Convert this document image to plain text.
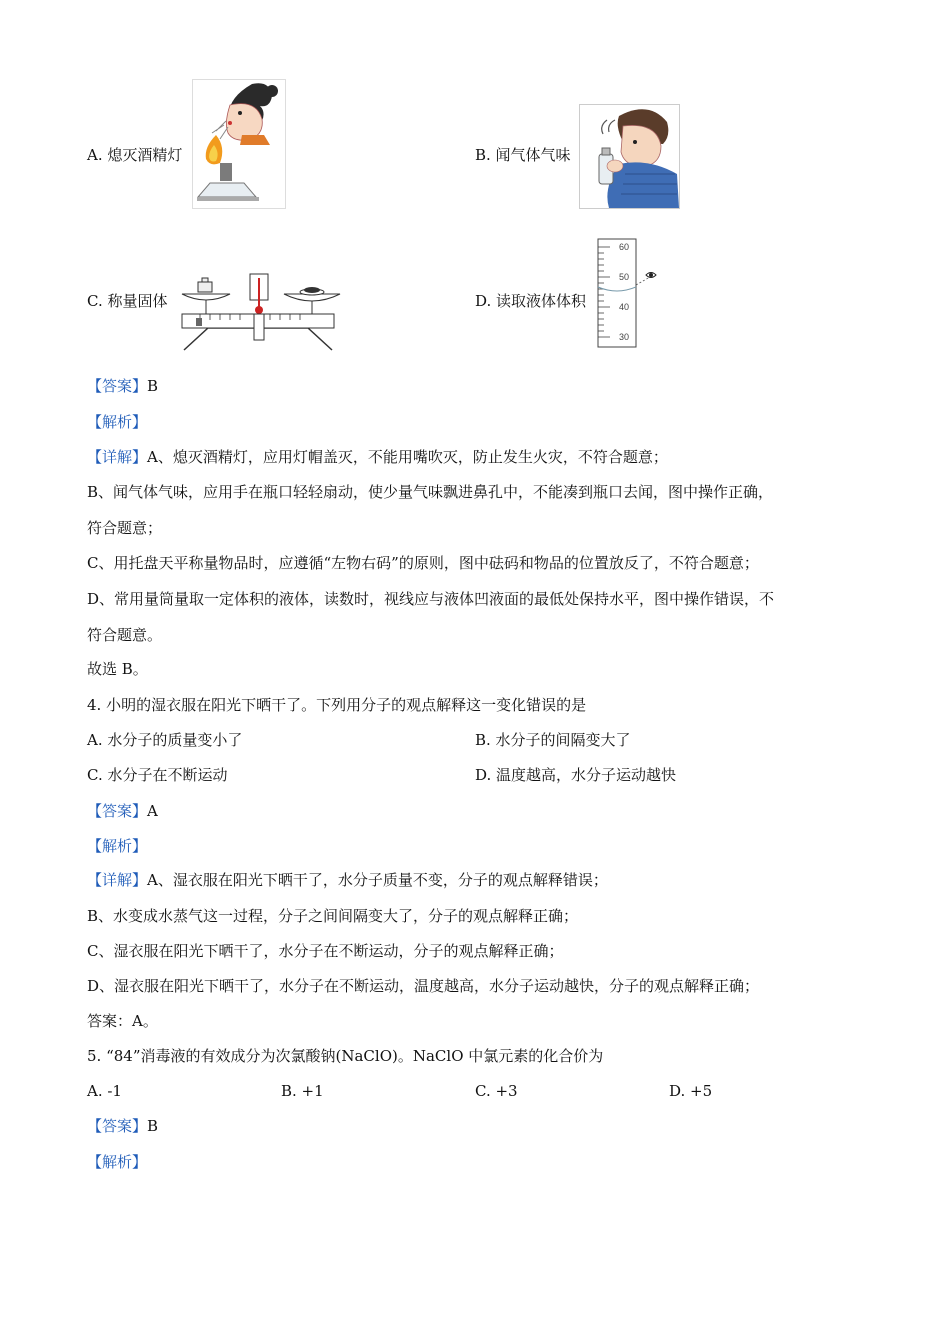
A. 熄灭酒精灯	B. 闻气体气味
C. 称量固体	D. 读取液体体积
60
50
40
30
【答案】B
【解析】
【详解】A、熄灭酒精灯，应用灯帽盖灭，不能用嘴吹灭，防止发生火灾，不符合题意；
B、闻气体气味，应用手在瓶口轻轻扇动，使少量气味飘进鼻孔中，不能凑到瓶口去闻，图中操作正确，
符合题意；
C、用托盘天平称量物品时，应遵循“左物右码”的原则，图中砝码和物品的位置放反了，不符合题意；
D、常用量筒量取一定体积的液体，读数时，视线应与液体凹液面的最低处保持水平，图中操作错误，不
符合题意。
故选 B。
4. 小明的湿衣服在阳光下晒干了。下列用分子的观点解释这一变化错误的是
A. 水分子的质量变小了	B. 水分子的间隔变大了
C. 水分子在不断运动	D. 温度越高，水分子运动越快
【答案】A
【解析】
【详解】A、湿衣服在阳光下晒干了，水分子质量不变，分子的观点解释错误；
B、水变成水蒸气这一过程，分子之间间隔变大了，分子的观点解释正确；
C、湿衣服在阳光下晒干了，水分子在不断运动，分子的观点解释正确；
D、湿衣服在阳光下晒干了，水分子在不断运动，温度越高，水分子运动越快，分子的观点解释正确；
答案：A。
5. “84”消毒液的有效成分为次氯酸钠(NaClO)。NaClO 中氯元素的化合价为
A. -1	B. +1	C. +3	D. +5
【答案】B
【解析】
